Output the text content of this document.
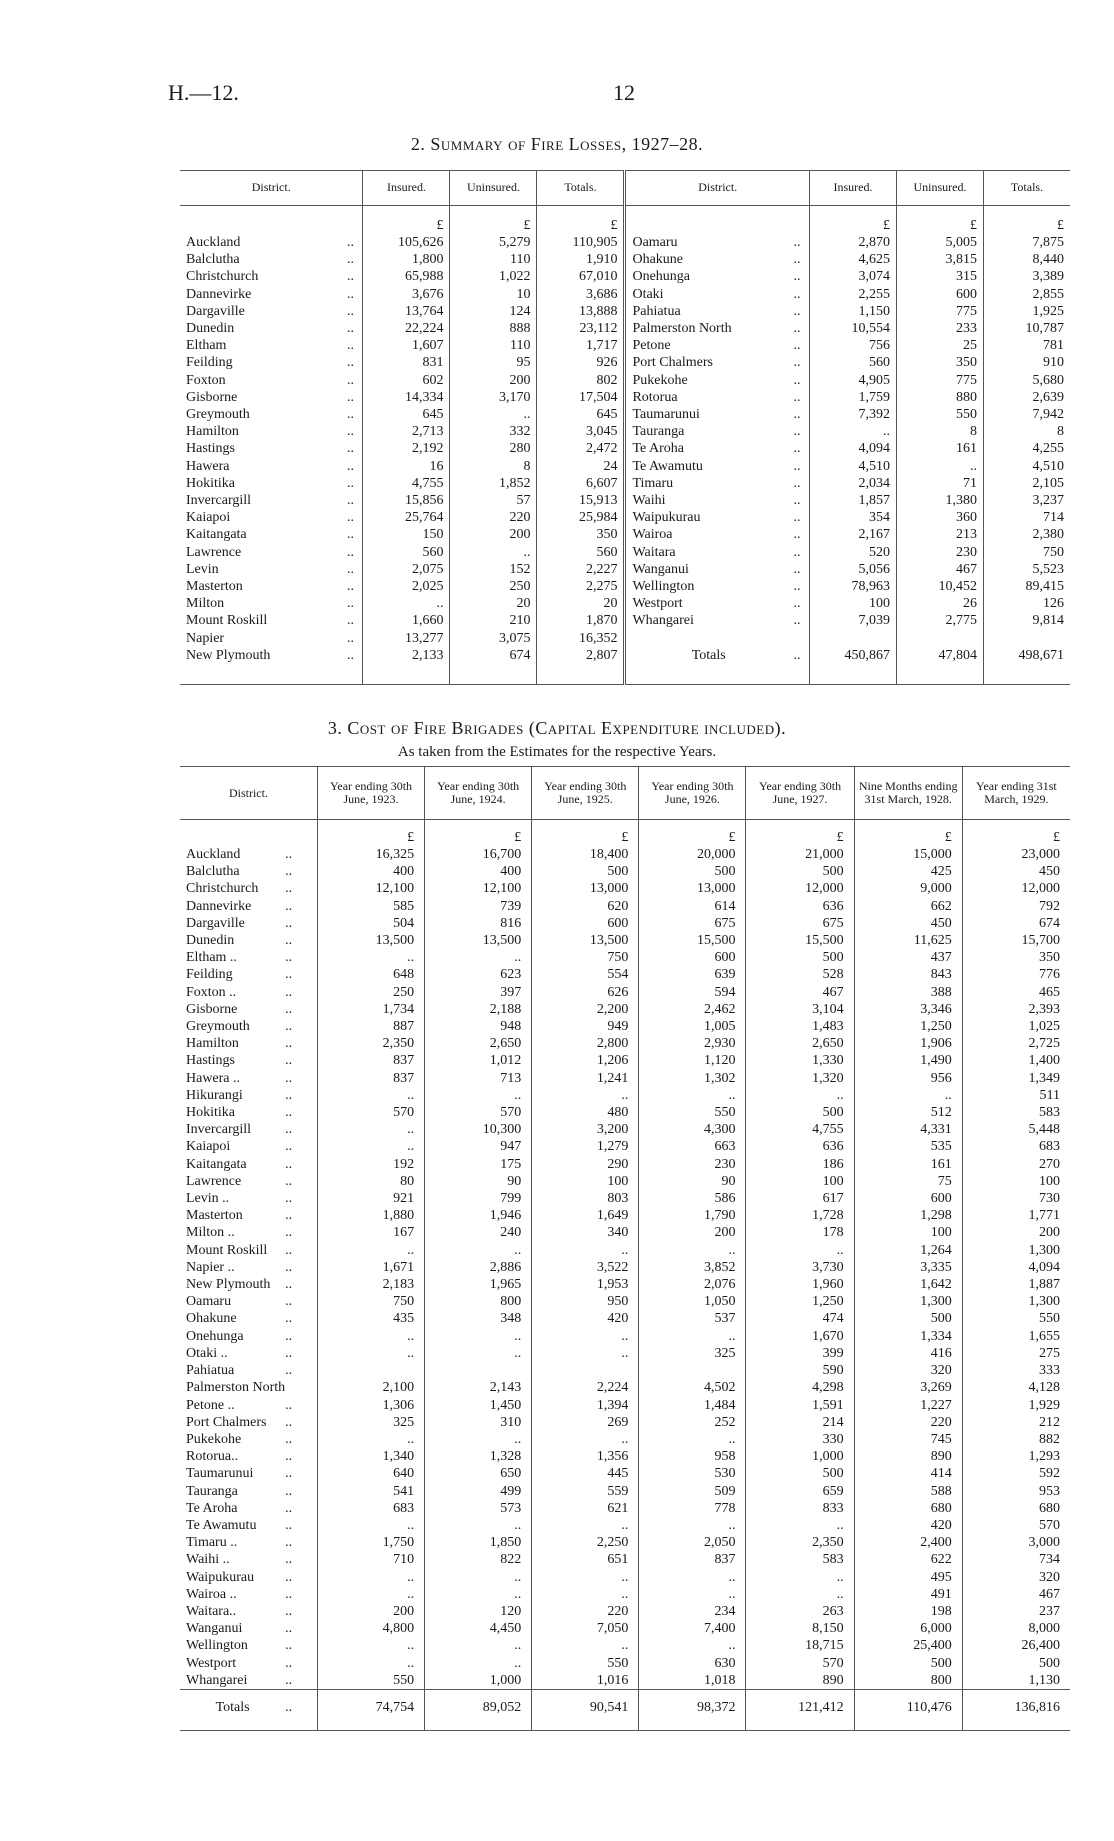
H.—12.	12
2. Summary of Fire Losses, 1927–28.
District.		Insured.	Uninsured.	Totals.	District.		Insured.	Uninsured.	Totals.
		£	£	£			£	£	£
Auckland	..	105,626	5,279	110,905	Oamaru	..	2,870	5,005	7,875
Balclutha	..	1,800	110	1,910	Ohakune	..	4,625	3,815	8,440
Christchurch	..	65,988	1,022	67,010	Onehunga	..	3,074	315	3,389
Dannevirke	..	3,676	10	3,686	Otaki	..	2,255	600	2,855
Dargaville	..	13,764	124	13,888	Pahiatua	..	1,150	775	1,925
Dunedin	..	22,224	888	23,112	Palmerston North	..	10,554	233	10,787
Eltham	..	1,607	110	1,717	Petone	..	756	25	781
Feilding	..	831	95	926	Port Chalmers	..	560	350	910
Foxton	..	602	200	802	Pukekohe	..	4,905	775	5,680
Gisborne	..	14,334	3,170	17,504	Rotorua	..	1,759	880	2,639
Greymouth	..	645	..	645	Taumarunui	..	7,392	550	7,942
Hamilton	..	2,713	332	3,045	Tauranga	..	..	8	8
Hastings	..	2,192	280	2,472	Te Aroha	..	4,094	161	4,255
Hawera	..	16	8	24	Te Awamutu	..	4,510	..	4,510
Hokitika	..	4,755	1,852	6,607	Timaru	..	2,034	71	2,105
Invercargill	..	15,856	57	15,913	Waihi	..	1,857	1,380	3,237
Kaiapoi	..	25,764	220	25,984	Waipukurau	..	354	360	714
Kaitangata	..	150	200	350	Wairoa	..	2,167	213	2,380
Lawrence	..	560	..	560	Waitara	..	520	230	750
Levin	..	2,075	152	2,227	Wanganui	..	5,056	467	5,523
Masterton	..	2,025	250	2,275	Wellington	..	78,963	10,452	89,415
Milton	..	..	20	20	Westport	..	100	26	126
Mount Roskill	..	1,660	210	1,870	Whangarei	..	7,039	2,775	9,814
Napier	..	13,277	3,075	16,352					
New Plymouth	..	2,133	674	2,807	Totals	..	450,867	47,804	498,671
3. Cost of Fire Brigades (Capital Expenditure included).
As taken from the Estimates for the respective Years.
District.		Year ending 30th June, 1923.	Year ending 30th June, 1924.	Year ending 30th June, 1925.	Year ending 30th June, 1926.	Year ending 30th June, 1927.	Nine Months ending 31st March, 1928.	Year ending 31st March, 1929.
		£	£	£	£	£	£	£
Auckland	..	16,325	16,700	18,400	20,000	21,000	15,000	23,000
Balclutha	..	400	400	500	500	500	425	450
Christchurch	..	12,100	12,100	13,000	13,000	12,000	9,000	12,000
Dannevirke	..	585	739	620	614	636	662	792
Dargaville	..	504	816	600	675	675	450	674
Dunedin	..	13,500	13,500	13,500	15,500	15,500	11,625	15,700
Eltham ..	..	..	..	750	600	500	437	350
Feilding	..	648	623	554	639	528	843	776
Foxton ..	..	250	397	626	594	467	388	465
Gisborne	..	1,734	2,188	2,200	2,462	3,104	3,346	2,393
Greymouth	..	887	948	949	1,005	1,483	1,250	1,025
Hamilton	..	2,350	2,650	2,800	2,930	2,650	1,906	2,725
Hastings	..	837	1,012	1,206	1,120	1,330	1,490	1,400
Hawera ..	..	837	713	1,241	1,302	1,320	956	1,349
Hikurangi	..	..	..	..	..	..	..	511
Hokitika	..	570	570	480	550	500	512	583
Invercargill	..	..	10,300	3,200	4,300	4,755	4,331	5,448
Kaiapoi	..	..	947	1,279	663	636	535	683
Kaitangata	..	192	175	290	230	186	161	270
Lawrence	..	80	90	100	90	100	75	100
Levin ..	..	921	799	803	586	617	600	730
Masterton	..	1,880	1,946	1,649	1,790	1,728	1,298	1,771
Milton ..	..	167	240	340	200	178	100	200
Mount Roskill	..	..	..	..	..	..	1,264	1,300
Napier ..	..	1,671	2,886	3,522	3,852	3,730	3,335	4,094
New Plymouth	..	2,183	1,965	1,953	2,076	1,960	1,642	1,887
Oamaru	..	750	800	950	1,050	1,250	1,300	1,300
Ohakune	..	435	348	420	537	474	500	550
Onehunga	..	..	..	..	..	1,670	1,334	1,655
Otaki ..	..	..	..	..	325	399	416	275
Pahiatua	..					590	320	333
Palmerston North		2,100	2,143	2,224	4,502	4,298	3,269	4,128
Petone ..	..	1,306	1,450	1,394	1,484	1,591	1,227	1,929
Port Chalmers	..	325	310	269	252	214	220	212
Pukekohe	..	..	..	..	..	330	745	882
Rotorua..	..	1,340	1,328	1,356	958	1,000	890	1,293
Taumarunui	..	640	650	445	530	500	414	592
Tauranga	..	541	499	559	509	659	588	953
Te Aroha	..	683	573	621	778	833	680	680
Te Awamutu	..	..	..	..	..	..	420	570
Timaru ..	..	1,750	1,850	2,250	2,050	2,350	2,400	3,000
Waihi ..	..	710	822	651	837	583	622	734
Waipukurau	..	..	..	..	..	..	495	320
Wairoa ..	..	..	..	..	..	..	491	467
Waitara..	..	200	120	220	234	263	198	237
Wanganui	..	4,800	4,450	7,050	7,400	8,150	6,000	8,000
Wellington	..	..	..	..	..	18,715	25,400	26,400
Westport	..	..	..	550	630	570	500	500
Whangarei	..	550	1,000	1,016	1,018	890	800	1,130
Totals	..	74,754	89,052	90,541	98,372	121,412	110,476	136,816
